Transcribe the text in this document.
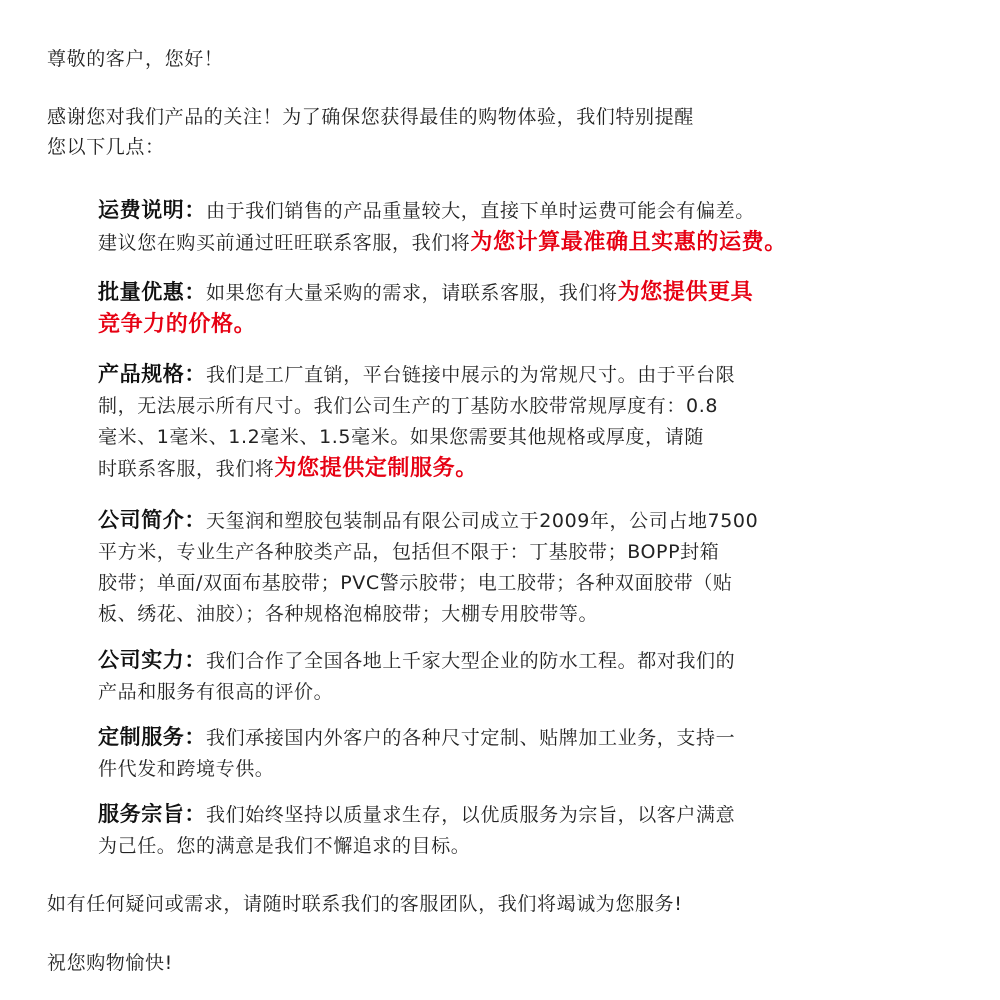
尊敬的客户，您好！

感谢您对我们产品的关注！为了确保您获得最佳的购物体验，我们特别提醒
您以下几点：

运费说明：由于我们销售的产品重量较大，直接下单时运费可能会有偏差。
建议您在购买前通过旺旺联系客服，我们将为您计算最准确且实惠的运费。
批量优惠：如果您有大量采购的需求，请联系客服，我们将为您提供更具
竞争力的价格。
产品规格：我们是工厂直销，平台链接中展示的为常规尺寸。由于平台限
制，无法展示所有尺寸。我们公司生产的丁基防水胶带常规厚度有：0.8
毫米、1毫米、1.2毫米、1.5毫米。如果您需要其他规格或厚度，请随
时联系客服，我们将为您提供定制服务。
公司简介：天玺润和塑胶包装制品有限公司成立于2009年，公司占地7500
平方米，专业生产各种胶类产品，包括但不限于：丁基胶带；BOPP封箱
胶带；单面/双面布基胶带；PVC警示胶带；电工胶带；各种双面胶带（贴
板、绣花、油胶）；各种规格泡棉胶带；大棚专用胶带等。
公司实力：我们合作了全国各地上千家大型企业的防水工程。都对我们的
产品和服务有很高的评价。
定制服务：我们承接国内外客户的各种尺寸定制、贴牌加工业务，支持一
件代发和跨境专供。
服务宗旨：我们始终坚持以质量求生存，以优质服务为宗旨，以客户满意
为己任。您的满意是我们不懈追求的目标。

如有任何疑问或需求，请随时联系我们的客服团队，我们将竭诚为您服务!

祝您购物愉快!
